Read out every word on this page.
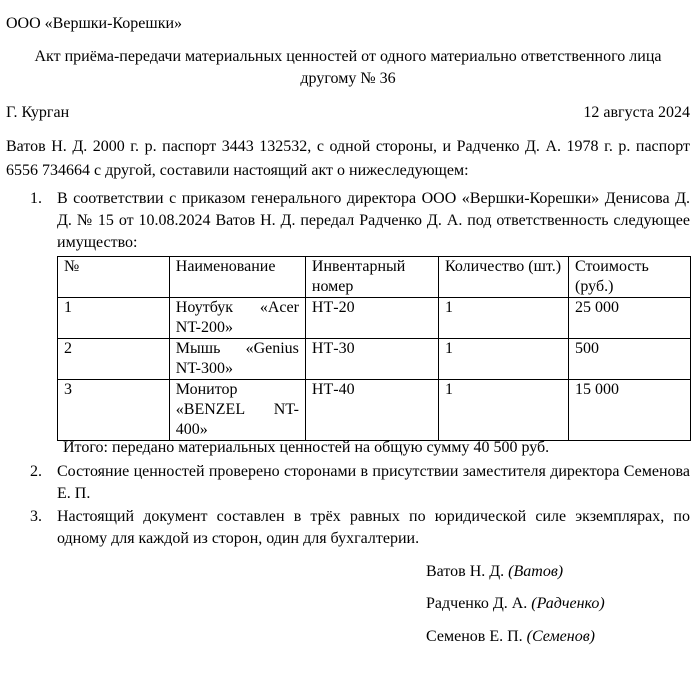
ООО «Вершки-Корешки»
Акт приёма-передачи материальных ценностей от одного материально ответственного лица другому № 36
Г. Курган	12 августа 2024
Ватов Н. Д. 2000 г. р. паспорт 3443 132532, с одной стороны, и Радченко Д. А. 1978 г. р. паспорт 6556 734664 с другой, составили настоящий акт о нижеследующем:
1. В соответствии с приказом генерального директора ООО «Вершки-Корешки» Денисова Д. Д. № 15 от 10.08.2024 Ватов Н. Д. передал Радченко Д. А. под ответственность следующее имущество:
№	Наименование	Инвентарный номер	Количество (шт.)	Стоимость (руб.)
1	Ноутбук «Acer NT-200»	НТ-20	1	25 000
2	Мышь «Genius NT-300»	НТ-30	1	500
3	Монитор «BENZEL NT-400»	НТ-40	1	15 000
Итого: передано материальных ценностей на общую сумму 40 500 руб.
2. Состояние ценностей проверено сторонами в присутствии заместителя директора Семенова Е. П.
3. Настоящий документ составлен в трёх равных по юридической силе экземплярах, по одному для каждой из сторон, один для бухгалтерии.
Ватов Н. Д. (Ватов)
Радченко Д. А. (Радченко)
Семенов Е. П. (Семенов)
